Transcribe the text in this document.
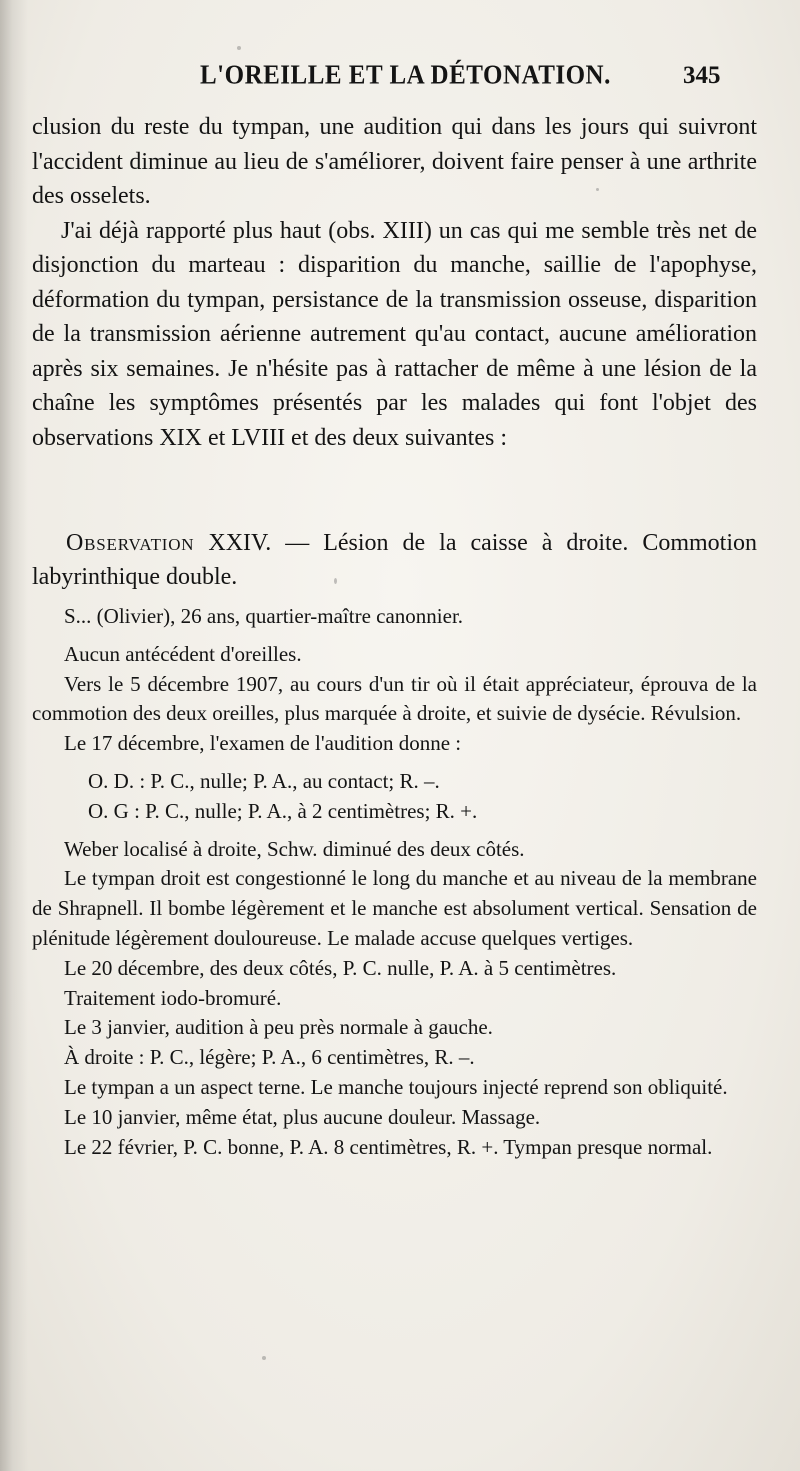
L'OREILLE ET LA DÉTONATION.	345

clusion du reste du tympan, une audition qui dans les jours qui suivront l'accident diminue au lieu de s'améliorer, doivent faire penser à une arthrite des osselets.

J'ai déjà rapporté plus haut (obs. XIII) un cas qui me semble très net de disjonction du marteau : disparition du manche, saillie de l'apophyse, déformation du tympan, persistance de la transmission osseuse, disparition de la transmission aérienne autrement qu'au contact, aucune amélioration après six semaines. Je n'hésite pas à rattacher de même à une lésion de la chaîne les symptômes présentés par les malades qui font l'objet des observations XIX et LVIII et des deux suivantes :

Observation XXIV. — Lésion de la caisse à droite. Commotion labyrinthique double.

S... (Olivier), 26 ans, quartier-maître canonnier.

Aucun antécédent d'oreilles.

Vers le 5 décembre 1907, au cours d'un tir où il était appréciateur, éprouva de la commotion des deux oreilles, plus marquée à droite, et suivie de dysécie. Révulsion.

Le 17 décembre, l'examen de l'audition donne :

O. D. : P. C., nulle; P. A., au contact; R. –.

O. G : P. C., nulle; P. A., à 2 centimètres; R. +.

Weber localisé à droite, Schw. diminué des deux côtés.

Le tympan droit est congestionné le long du manche et au niveau de la membrane de Shrapnell. Il bombe légèrement et le manche est absolument vertical. Sensation de plénitude légèrement douloureuse. Le malade accuse quelques vertiges.

Le 20 décembre, des deux côtés, P. C. nulle, P. A. à 5 centimètres.

Traitement iodo-bromuré.

Le 3 janvier, audition à peu près normale à gauche.

À droite : P. C., légère; P. A., 6 centimètres, R. –.

Le tympan a un aspect terne. Le manche toujours injecté reprend son obliquité.

Le 10 janvier, même état, plus aucune douleur. Massage.

Le 22 février, P. C. bonne, P. A. 8 centimètres, R. +. Tympan presque normal.
